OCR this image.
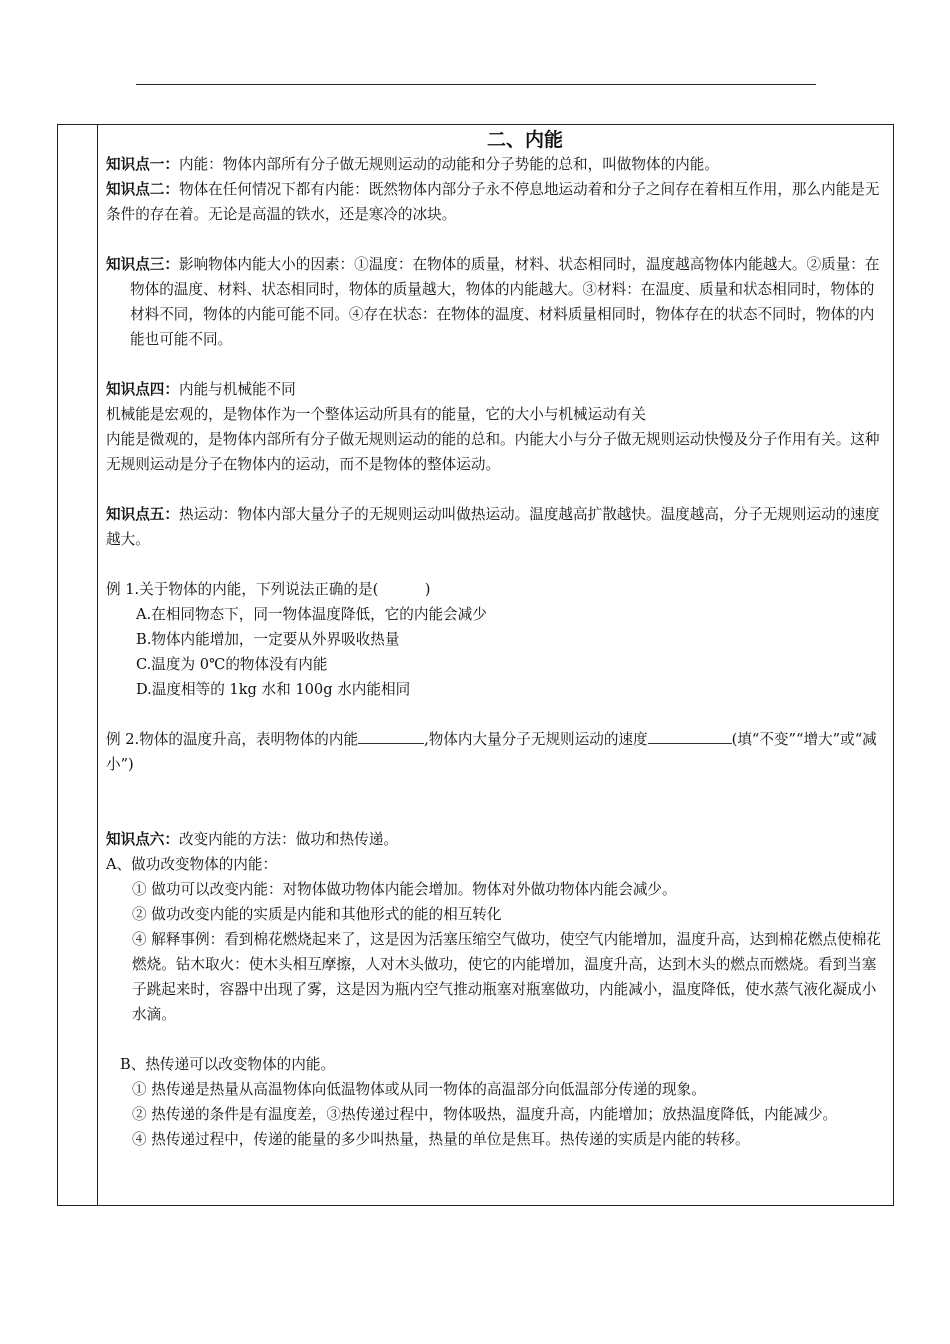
二、内能

知识点一：内能：物体内部所有分子做无规则运动的动能和分子势能的总和，叫做物体的内能。

知识点二：物体在任何情况下都有内能：既然物体内部分子永不停息地运动着和分子之间存在着相互作用，那么内能是无条件的存在着。无论是高温的铁水，还是寒冷的冰块。

知识点三：影响物体内能大小的因素：①温度：在物体的质量，材料、状态相同时，温度越高物体内能越大。②质量：在物体的温度、材料、状态相同时，物体的质量越大，物体的内能越大。③材料：在温度、质量和状态相同时，物体的材料不同，物体的内能可能不同。④存在状态：在物体的温度、材料质量相同时，物体存在的状态不同时，物体的内能也可能不同。

知识点四：内能与机械能不同

机械能是宏观的，是物体作为一个整体运动所具有的能量，它的大小与机械运动有关

内能是微观的，是物体内部所有分子做无规则运动的能的总和。内能大小与分子做无规则运动快慢及分子作用有关。这种无规则运动是分子在物体内的运动，而不是物体的整体运动。

知识点五：热运动：物体内部大量分子的无规则运动叫做热运动。温度越高扩散越快。温度越高，分子无规则运动的速度越大。

例 1.关于物体的内能，下列说法正确的是(          )

A.在相同物态下，同一物体温度降低，它的内能会减少

B.物体内能增加，一定要从外界吸收热量

C.温度为 0℃的物体没有内能

D.温度相等的 1kg 水和 100g 水内能相同

例 2.物体的温度升高，表明物体的内能	,物体内大量分子无规则运动的速度	(填“不变”“增大”或“减小”)

知识点六：改变内能的方法：做功和热传递。

A、做功改变物体的内能：

① 做功可以改变内能：对物体做功物体内能会增加。物体对外做功物体内能会减少。

② 做功改变内能的实质是内能和其他形式的能的相互转化

④ 解释事例：看到棉花燃烧起来了，这是因为活塞压缩空气做功，使空气内能增加，温度升高，达到棉花燃点使棉花燃烧。钻木取火：使木头相互摩擦，人对木头做功，使它的内能增加，温度升高，达到木头的燃点而燃烧。看到当塞子跳起来时，容器中出现了雾，这是因为瓶内空气推动瓶塞对瓶塞做功，内能减小，温度降低，使水蒸气液化凝成小水滴。

B、热传递可以改变物体的内能。

① 热传递是热量从高温物体向低温物体或从同一物体的高温部分向低温部分传递的现象。

② 热传递的条件是有温度差，③热传递过程中，物体吸热，温度升高，内能增加；放热温度降低，内能减少。

④ 热传递过程中，传递的能量的多少叫热量，热量的单位是焦耳。热传递的实质是内能的转移。
